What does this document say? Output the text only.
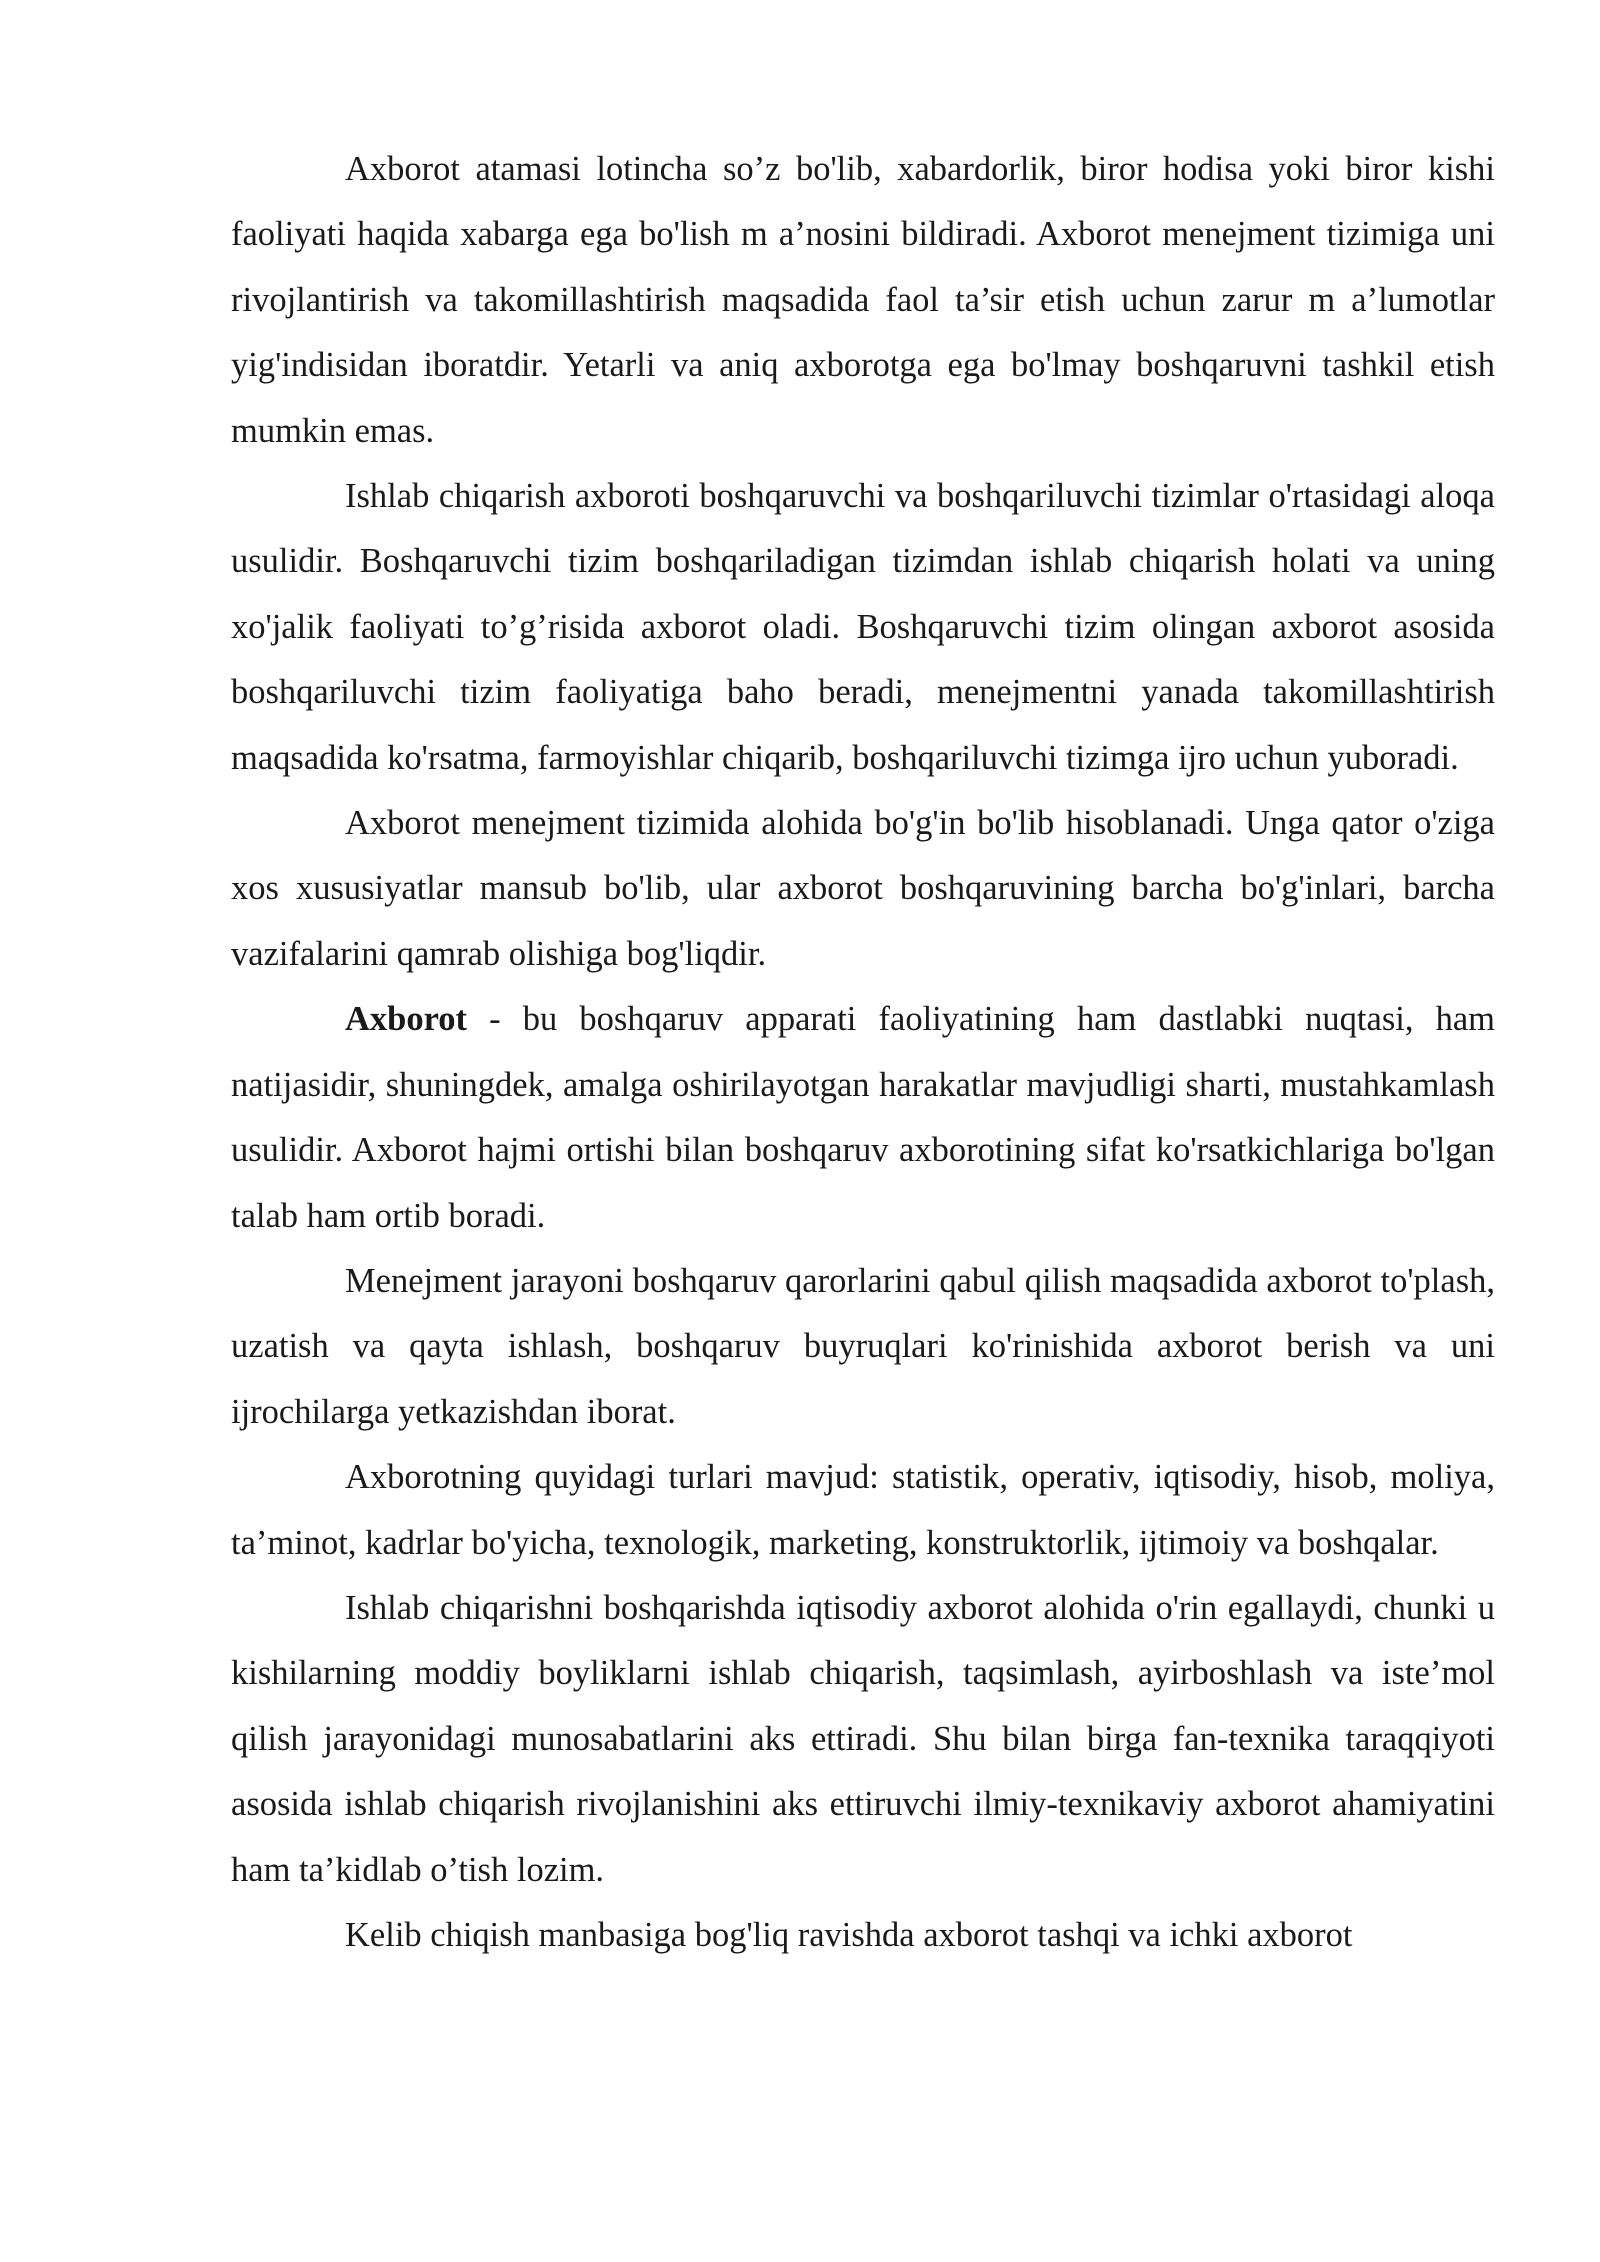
Axborot atamasi lotincha so’z bo'lib, xabardorlik, biror hodisa yoki biror kishi faoliyati haqida xabarga ega bo'lish m a’nosini bildiradi. Axborot menejment tizimiga uni rivojlantirish va takomillashtirish maqsadida faol ta’sir etish uchun zarur m a’lumotlar yig'indisidan iboratdir. Yetarli va aniq axborotga ega bo'lmay boshqaruvni tashkil etish mumkin emas.

Ishlab chiqarish axboroti boshqaruvchi va boshqariluvchi tizimlar o'rtasidagi aloqa usulidir. Boshqaruvchi tizim boshqariladigan tizimdan ishlab chiqarish holati va uning xo'jalik faoliyati to’g’risida axborot oladi. Boshqaruvchi tizim olingan axborot asosida boshqariluvchi tizim faoliyatiga baho beradi, menejmentni yanada takomillashtirish maqsadida ko'rsatma, farmoyishlar chiqarib, boshqariluvchi tizimga ijro uchun yuboradi.

Axborot menejment tizimida alohida bo'g'in bo'lib hisoblanadi. Unga qator o'ziga xos xususiyatlar mansub bo'lib, ular axborot boshqaruvining barcha bo'g'inlari, barcha vazifalarini qamrab olishiga bog'liqdir.

Axborot - bu boshqaruv apparati faoliyatining ham dastlabki nuqtasi, ham natijasidir, shuningdek, amalga oshirilayotgan harakatlar mavjudligi sharti, mustahkamlash usulidir. Axborot hajmi ortishi bilan boshqaruv axborotining sifat ko'rsatkichlariga bo'lgan talab ham ortib boradi.

Menejment jarayoni boshqaruv qarorlarini qabul qilish maqsadida axborot to'plash, uzatish va qayta ishlash, boshqaruv buyruqlari ko'rinishida axborot berish va uni ijrochilarga yetkazishdan iborat.

Axborotning quyidagi turlari mavjud: statistik, operativ, iqtisodiy, hisob, moliya, ta’minot, kadrlar bo'yicha, texnologik, marketing, konstruktorlik, ijtimoiy va boshqalar.

Ishlab chiqarishni boshqarishda iqtisodiy axborot alohida o'rin egallaydi, chunki u kishilarning moddiy boyliklarni ishlab chiqarish, taqsimlash, ayirboshlash va iste’mol qilish jarayonidagi munosabatlarini aks ettiradi. Shu bilan birga fan-texnika taraqqiyoti asosida ishlab chiqarish rivojlanishini aks ettiruvchi ilmiy-texnikaviy axborot ahamiyatini ham ta’kidlab o’tish lozim.

Kelib chiqish manbasiga bog'liq ravishda axborot tashqi va ichki axborot
